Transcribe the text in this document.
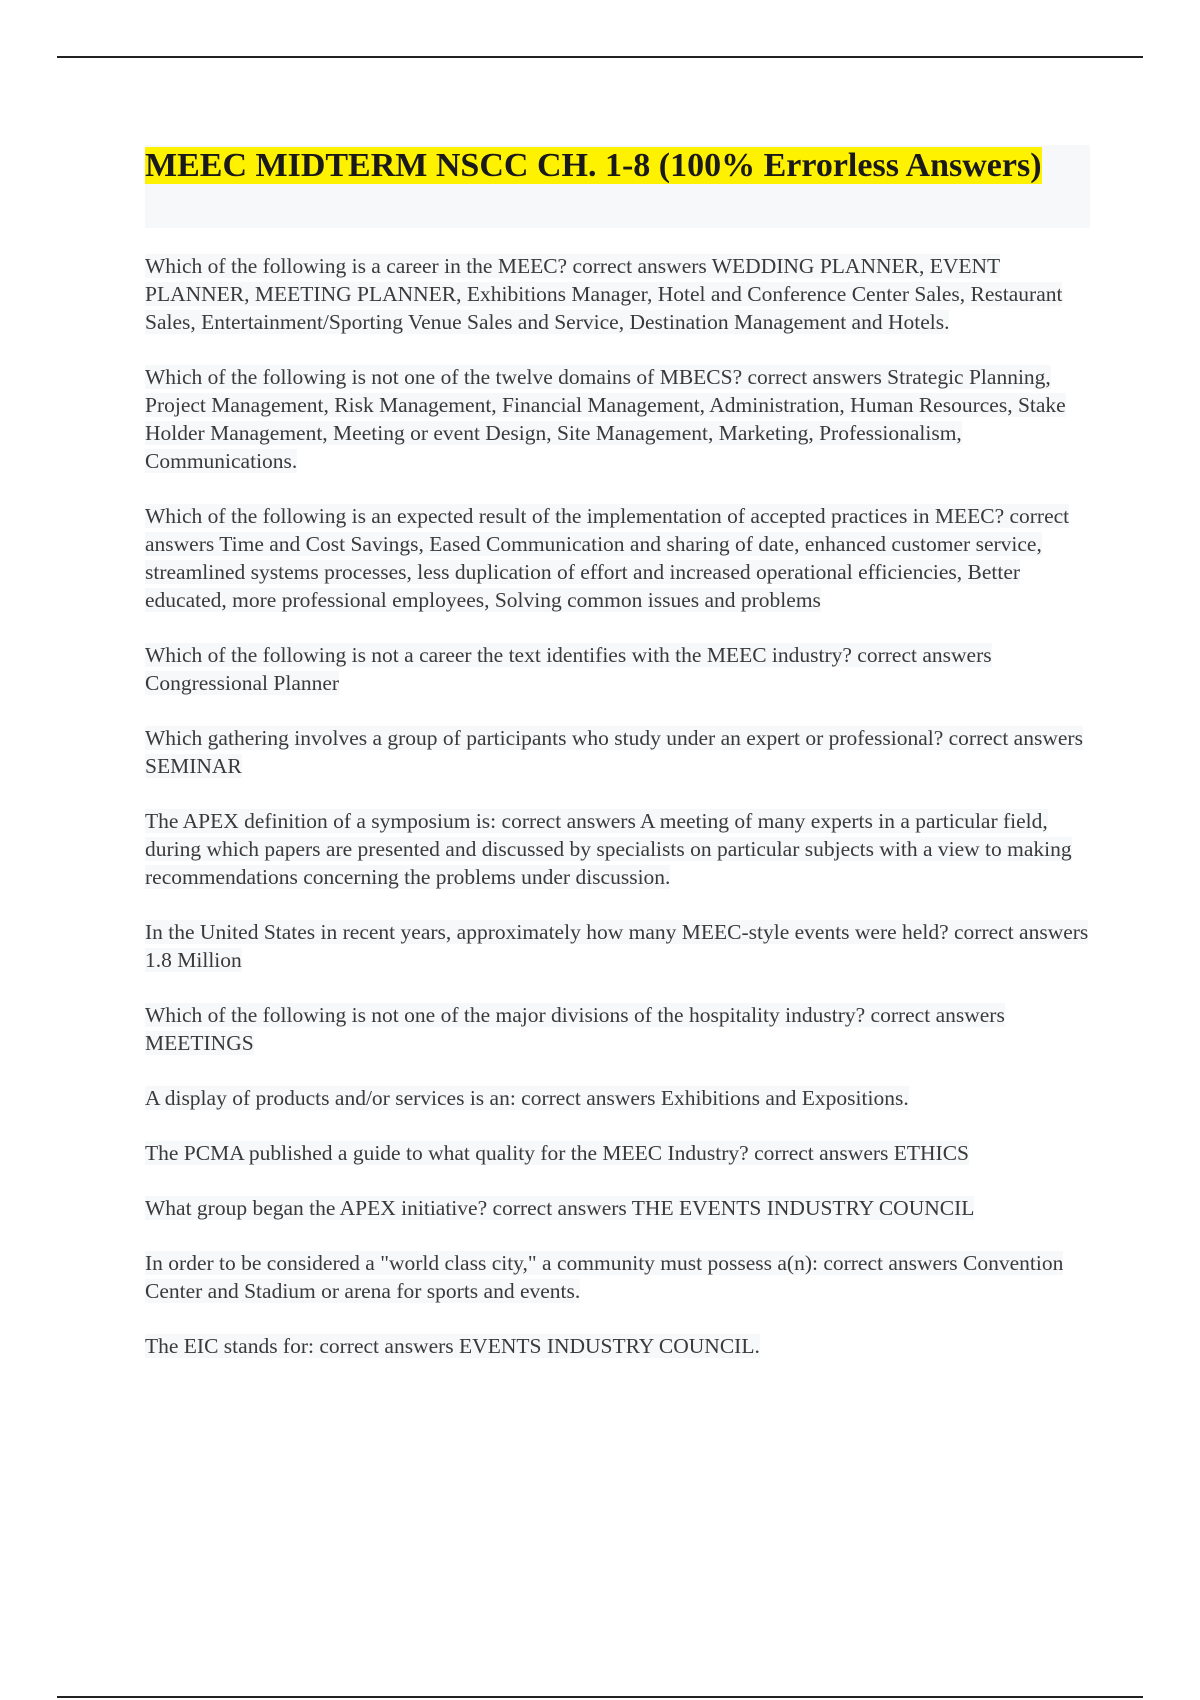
MEEC MIDTERM NSCC CH. 1-8 (100% Errorless Answers)

Which of the following is a career in the MEEC? correct answers WEDDING PLANNER, EVENT PLANNER, MEETING PLANNER, Exhibitions Manager, Hotel and Conference Center Sales, Restaurant Sales, Entertainment/Sporting Venue Sales and Service, Destination Management and Hotels.

Which of the following is not one of the twelve domains of MBECS? correct answers Strategic Planning, Project Management, Risk Management, Financial Management, Administration, Human Resources, Stake Holder Management, Meeting or event Design, Site Management, Marketing, Professionalism, Communications.

Which of the following is an expected result of the implementation of accepted practices in MEEC? correct answers Time and Cost Savings, Eased Communication and sharing of date, enhanced customer service, streamlined systems processes, less duplication of effort and increased operational efficiencies, Better educated, more professional employees, Solving common issues and problems

Which of the following is not a career the text identifies with the MEEC industry? correct answers Congressional Planner

Which gathering involves a group of participants who study under an expert or professional? correct answers SEMINAR

The APEX definition of a symposium is: correct answers A meeting of many experts in a particular field, during which papers are presented and discussed by specialists on particular subjects with a view to making recommendations concerning the problems under discussion.

In the United States in recent years, approximately how many MEEC-style events were held? correct answers 1.8 Million

Which of the following is not one of the major divisions of the hospitality industry? correct answers MEETINGS

A display of products and/or services is an: correct answers Exhibitions and Expositions.

The PCMA published a guide to what quality for the MEEC Industry? correct answers ETHICS

What group began the APEX initiative? correct answers THE EVENTS INDUSTRY COUNCIL

In order to be considered a "world class city," a community must possess a(n): correct answers Convention Center and Stadium or arena for sports and events.

The EIC stands for: correct answers EVENTS INDUSTRY COUNCIL.
